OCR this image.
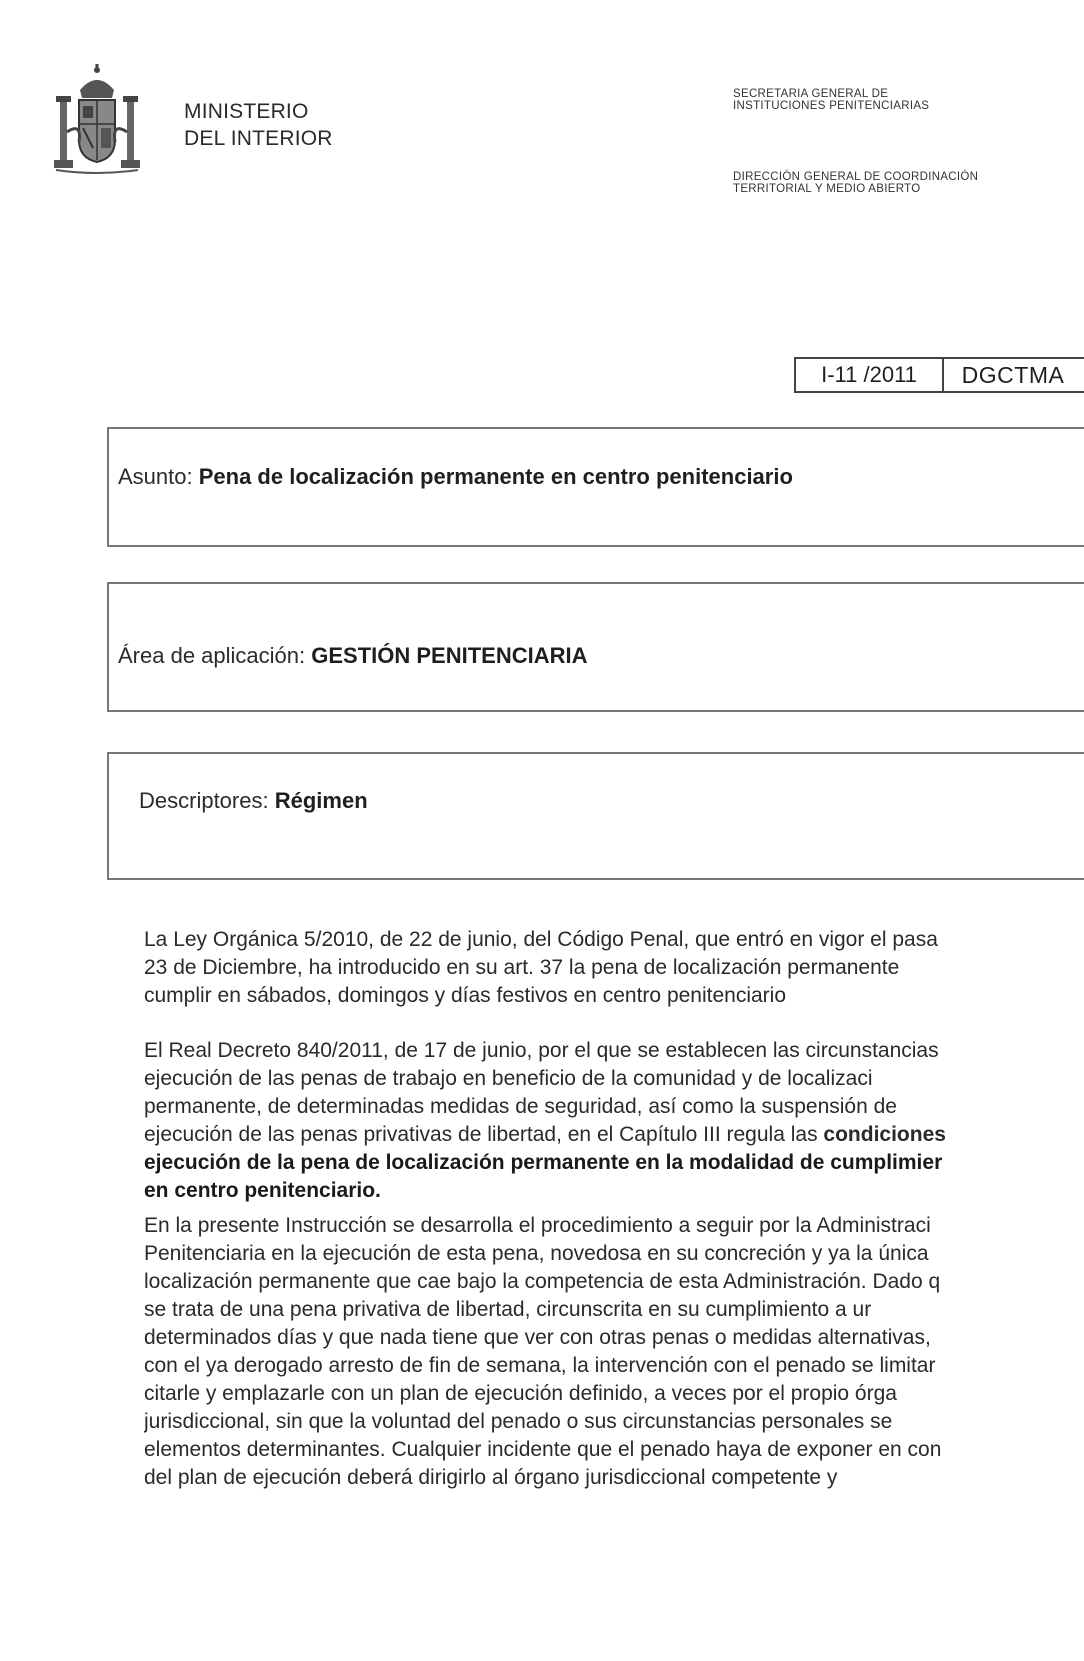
MINISTERIO
DEL INTERIOR
SECRETARIA GENERAL DE
INSTITUCIONES PENITENCIARIAS
DIRECCIÓN GENERAL DE COORDINACIÓN
TERRITORIAL Y MEDIO ABIERTO
I-11 /2011	DGCTMA
Asunto: Pena de localización permanente en centro penitenciario
Área de aplicación: GESTIÓN PENITENCIARIA
Descriptores: Régimen
La Ley Orgánica 5/2010, de 22 de junio, del Código Penal, que entró en vigor el pasa
23 de Diciembre, ha introducido en su art. 37 la pena de localización permanente
cumplir en sábados, domingos y días festivos en centro penitenciario
El Real Decreto 840/2011, de 17 de junio, por el que se establecen las circunstancias
ejecución de las penas de trabajo en beneficio de la comunidad y de localizaci
permanente, de determinadas medidas de seguridad, así como la suspensión de
ejecución de las penas privativas de libertad, en el Capítulo III regula las condiciones
ejecución de la pena de localización permanente en la modalidad de cumplimier
en centro penitenciario.
En la presente Instrucción se desarrolla el procedimiento a seguir por la Administraci
Penitenciaria en la ejecución de esta pena, novedosa en su concreción y ya la única
localización permanente que cae bajo la competencia de esta Administración. Dado q
se trata de una pena privativa de libertad, circunscrita en su cumplimiento a ur
determinados días y que nada tiene que ver con otras penas o medidas alternativas,
con el ya derogado arresto de fin de semana, la intervención con el penado se limitar
citarle y emplazarle con un plan de ejecución definido, a veces por el propio órga
jurisdiccional, sin que la voluntad del penado o sus circunstancias personales se
elementos determinantes. Cualquier incidente que el penado haya de exponer en con
del plan de ejecución deberá dirigirlo al órgano jurisdiccional competente y
